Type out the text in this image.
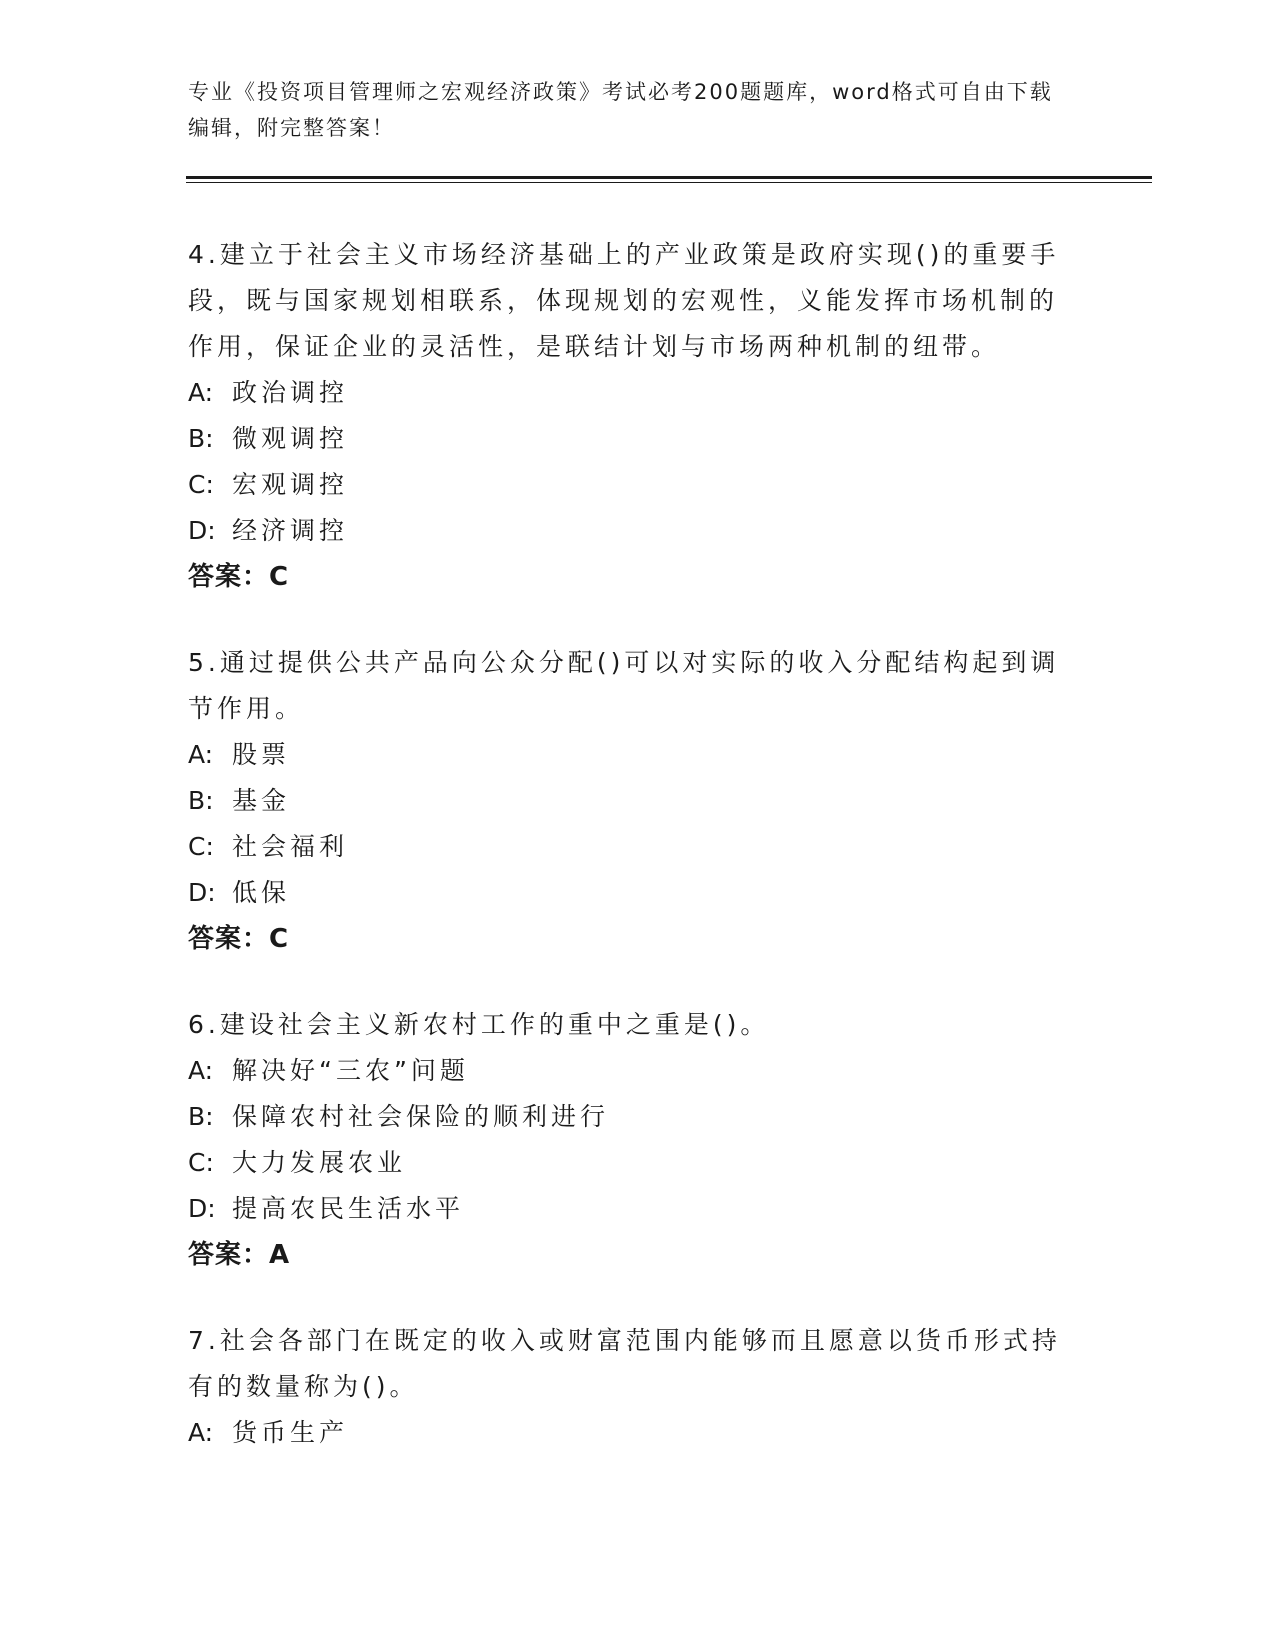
专业《投资项目管理师之宏观经济政策》考试必考200题题库，word格式可自由下载编辑，附完整答案！

4.建立于社会主义市场经济基础上的产业政策是政府实现()的重要手段，既与国家规划相联系，体现规划的宏观性，义能发挥市场机制的作用，保证企业的灵活性，是联结计划与市场两种机制的纽带。

A: 政治调控

B: 微观调控

C: 宏观调控

D: 经济调控

答案：C

5.通过提供公共产品向公众分配()可以对实际的收入分配结构起到调节作用。

A: 股票

B: 基金

C: 社会福利

D: 低保

答案：C

6.建设社会主义新农村工作的重中之重是()。

A: 解决好“三农”问题

B: 保障农村社会保险的顺利进行

C: 大力发展农业

D: 提高农民生活水平

答案：A

7.社会各部门在既定的收入或财富范围内能够而且愿意以货币形式持有的数量称为()。

A: 货币生产
